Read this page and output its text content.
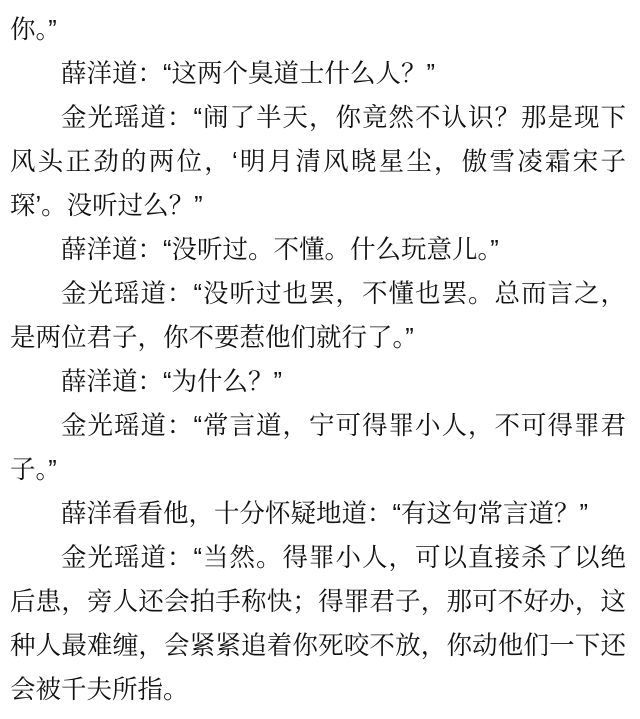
你。”

薛洋道：“这两个臭道士什么人？”

金光瑶道：“闹了半天，你竟然不认识？那是现下风头正劲的两位，‘明月清风晓星尘，傲雪凌霜宋子琛’。没听过么？”

薛洋道：“没听过。不懂。什么玩意儿。”

金光瑶道：“没听过也罢，不懂也罢。总而言之，是两位君子，你不要惹他们就行了。”

薛洋道：“为什么？”

金光瑶道：“常言道，宁可得罪小人，不可得罪君子。”

薛洋看看他，十分怀疑地道：“有这句常言道？”

金光瑶道：“当然。得罪小人，可以直接杀了以绝后患，旁人还会拍手称快；得罪君子，那可不好办，这种人最难缠，会紧紧追着你死咬不放，你动他们一下还会被千夫所指。
